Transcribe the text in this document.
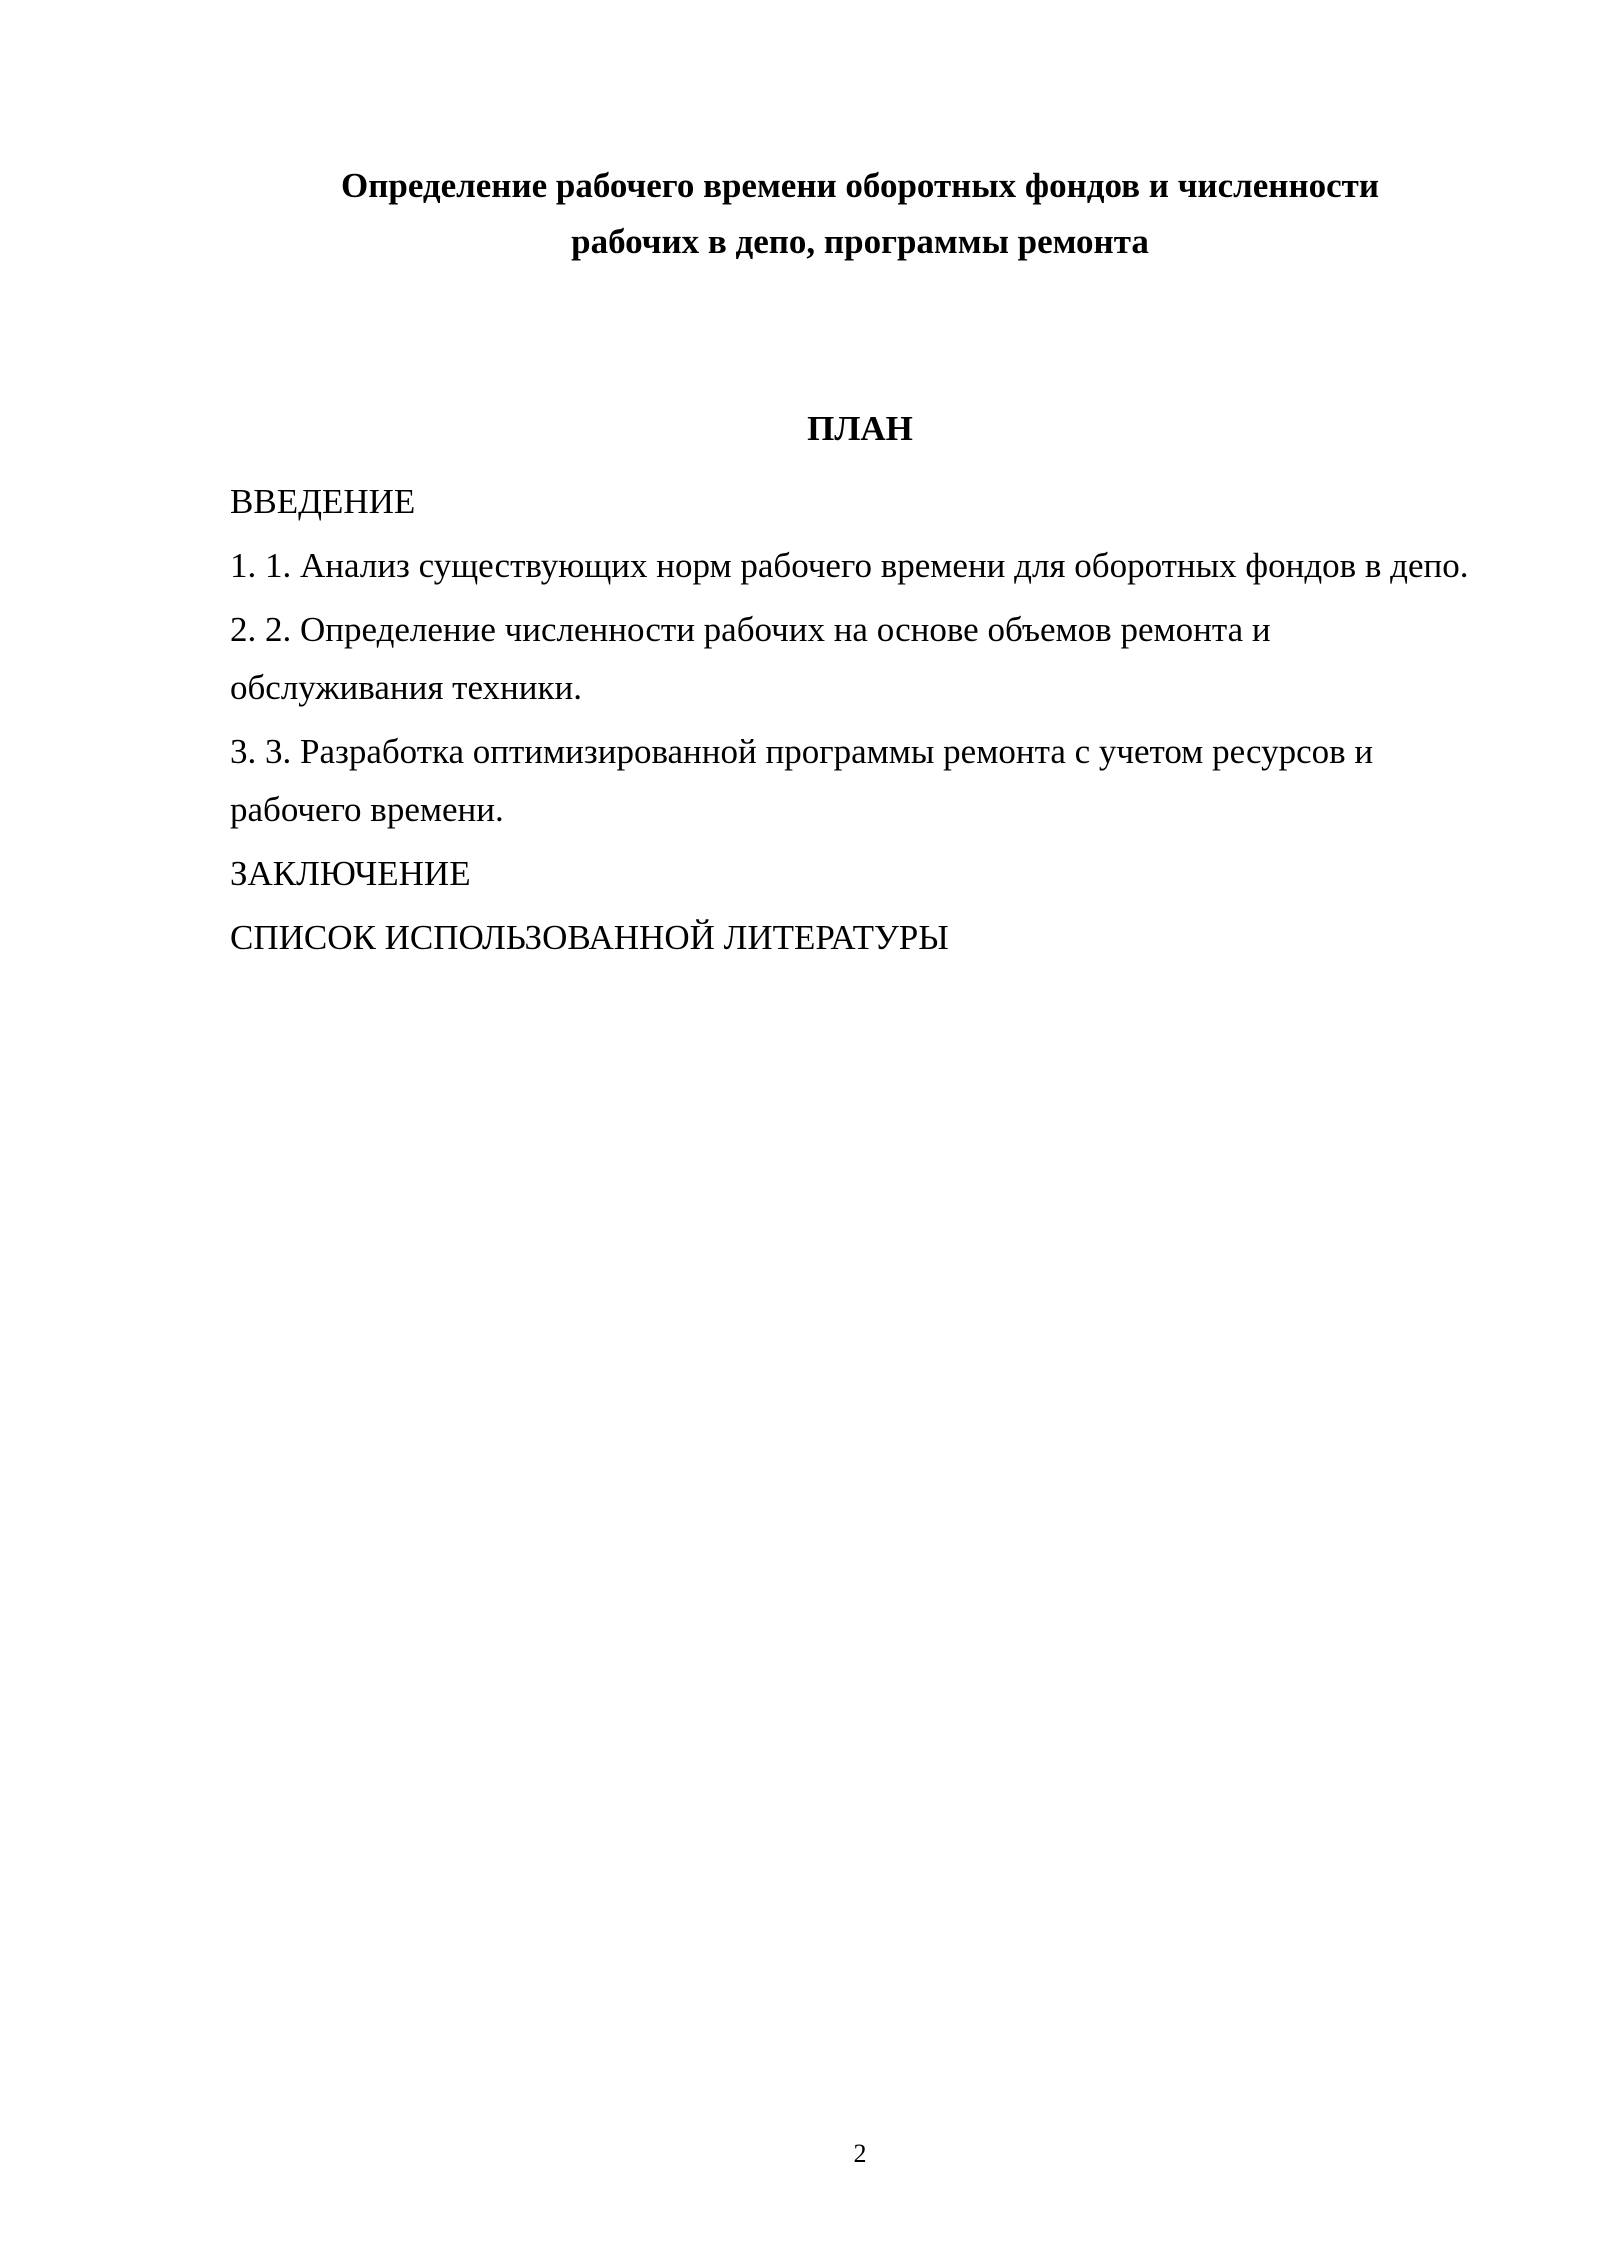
Определение рабочего времени оборотных фондов и численности
рабочих в депо, программы ремонта
ПЛАН
ВВЕДЕНИЕ
1. 1. Анализ существующих норм рабочего времени для оборотных фондов в депо.
2. 2. Определение численности рабочих на основе объемов ремонта и обслуживания техники.
3. 3. Разработка оптимизированной программы ремонта с учетом ресурсов и рабочего времени.
ЗАКЛЮЧЕНИЕ
СПИСОК ИСПОЛЬЗОВАННОЙ ЛИТЕРАТУРЫ
2
